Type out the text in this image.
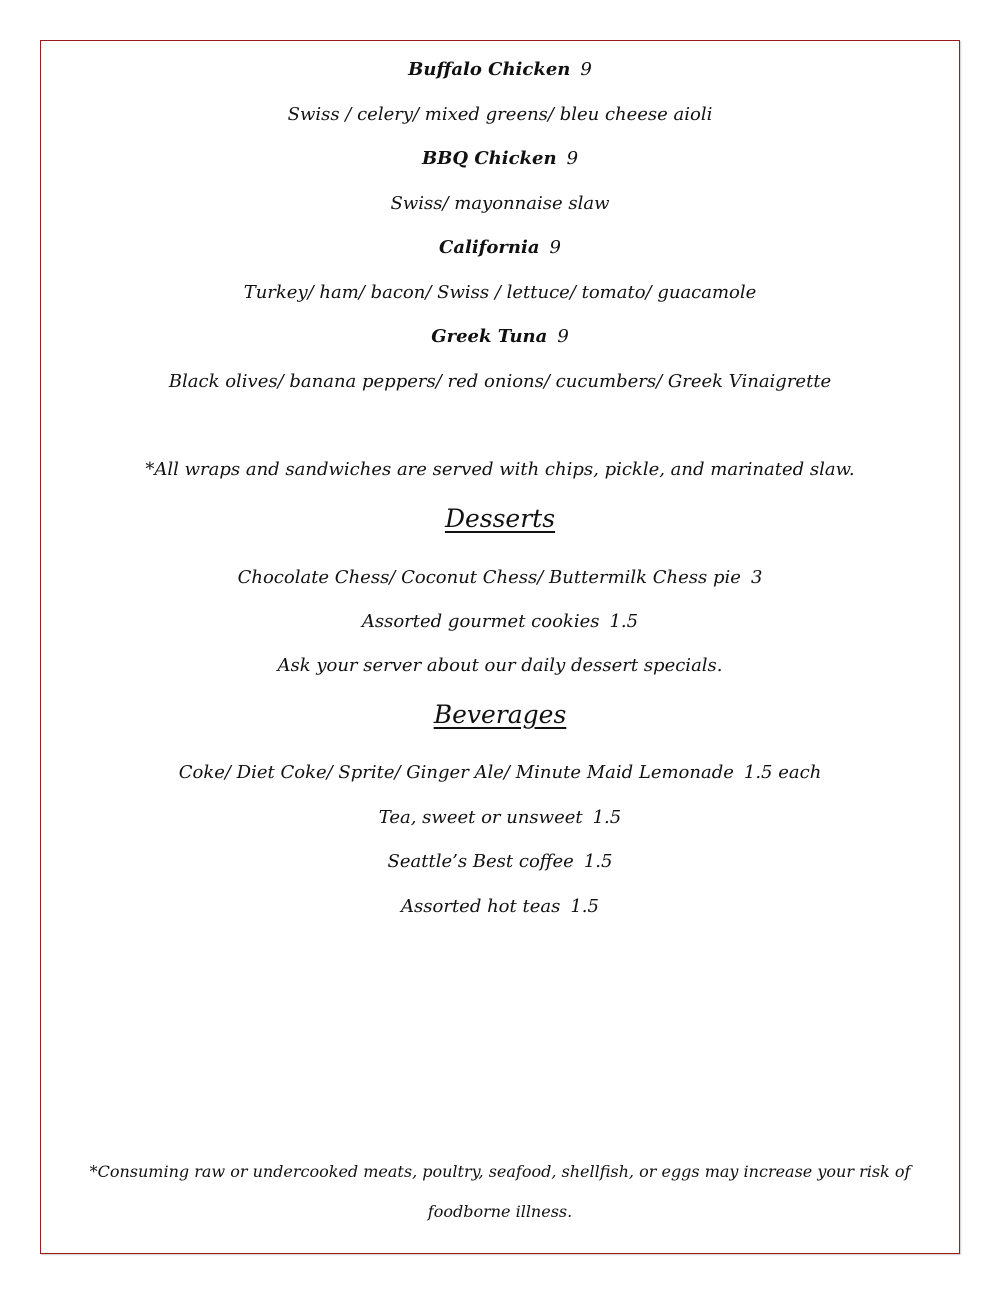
Buffalo Chicken 9
Swiss / celery/ mixed greens/ bleu cheese aioli
BBQ Chicken 9
Swiss/ mayonnaise slaw
California 9
Turkey/ ham/ bacon/ Swiss / lettuce/ tomato/ guacamole
Greek Tuna 9
Black olives/ banana peppers/ red onions/ cucumbers/ Greek Vinaigrette
*All wraps and sandwiches are served with chips, pickle, and marinated slaw.
Desserts
Chocolate Chess/ Coconut Chess/ Buttermilk Chess pie 3
Assorted gourmet cookies 1.5
Ask your server about our daily dessert specials.
Beverages
Coke/ Diet Coke/ Sprite/ Ginger Ale/ Minute Maid Lemonade 1.5 each
Tea, sweet or unsweet 1.5
Seattle’s Best coffee 1.5
Assorted hot teas 1.5
*Consuming raw or undercooked meats, poultry, seafood, shellfish, or eggs may increase your risk of
foodborne illness.
